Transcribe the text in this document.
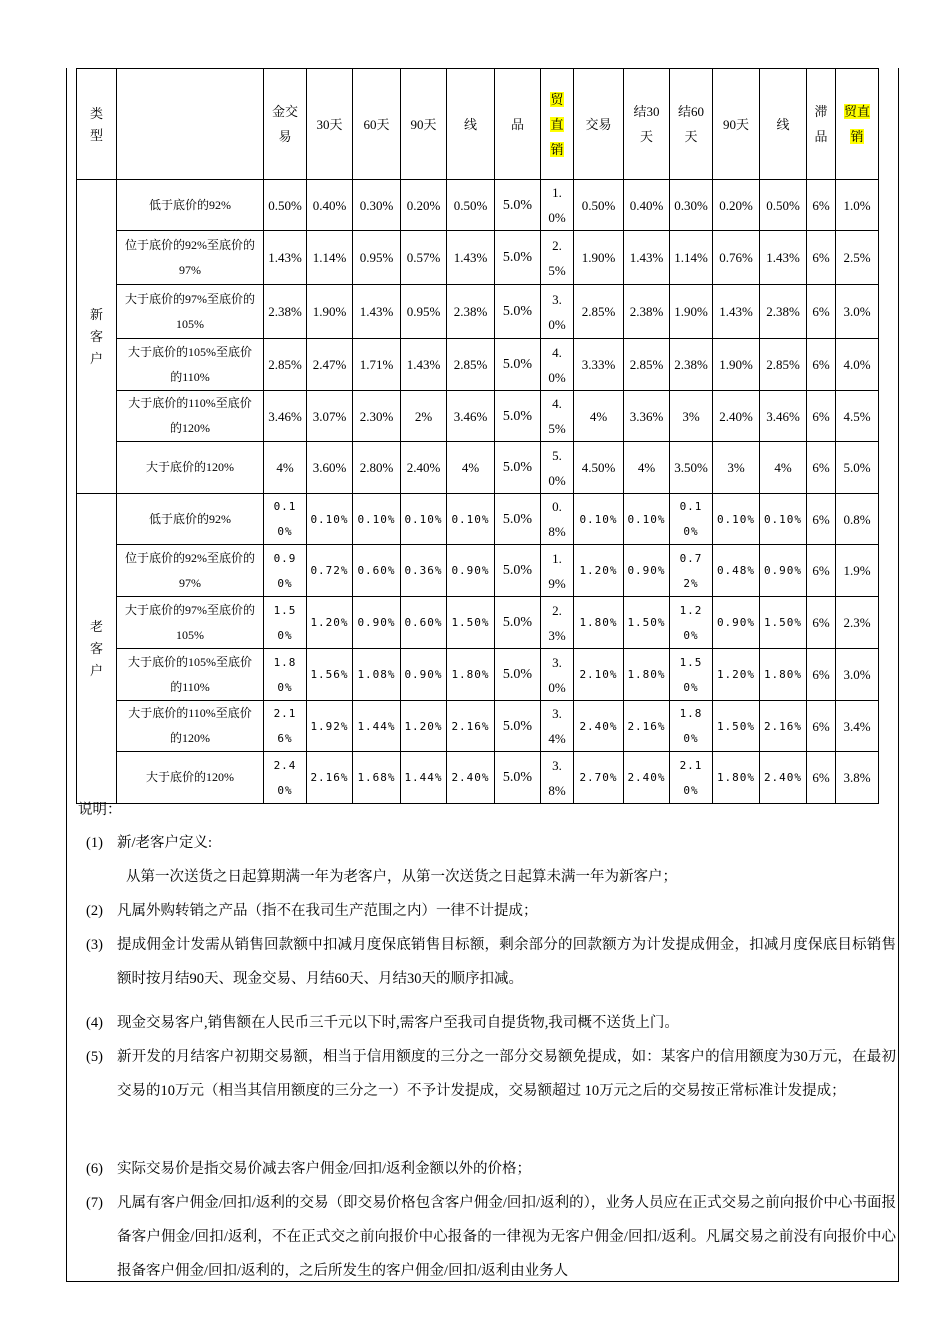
类型		金交易	30天	60天	90天	线	品	贸直销	交易	结30天	结60天	90天	线	滞品	贸直销

新客户	低于底价的92%	0.50%	0.40%	0.30%	0.20%	0.50%	5.0%	1.0%	0.50%	0.40%	0.30%	0.20%	0.50%	6%	1.0%
	位于底价的92%至底价的97%	1.43%	1.14%	0.95%	0.57%	1.43%	5.0%	2.5%	1.90%	1.43%	1.14%	0.76%	1.43%	6%	2.5%
	大于底价的97%至底价的105%	2.38%	1.90%	1.43%	0.95%	2.38%	5.0%	3.0%	2.85%	2.38%	1.90%	1.43%	2.38%	6%	3.0%
	大于底价的105%至底价的110%	2.85%	2.47%	1.71%	1.43%	2.85%	5.0%	4.0%	3.33%	2.85%	2.38%	1.90%	2.85%	6%	4.0%
	大于底价的110%至底价的120%	3.46%	3.07%	2.30%	2%	3.46%	5.0%	4.5%	4%	3.36%	3%	2.40%	3.46%	6%	4.5%
	大于底价的120%	4%	3.60%	2.80%	2.40%	4%	5.0%	5.0%	4.50%	4%	3.50%	3%	4%	6%	5.0%

老客户	低于底价的92%	0.10%	0.10%	0.10%	0.10%	0.10%	5.0%	0.8%	0.10%	0.10%	0.10%	0.10%	0.10%	6%	0.8%
	位于底价的92%至底价的97%	0.90%	0.72%	0.60%	0.36%	0.90%	5.0%	1.9%	1.20%	0.90%	0.72%	0.48%	0.90%	6%	1.9%
	大于底价的97%至底价的105%	1.50%	1.20%	0.90%	0.60%	1.50%	5.0%	2.3%	1.80%	1.50%	1.20%	0.90%	1.50%	6%	2.3%
	大于底价的105%至底价的110%	1.80%	1.56%	1.08%	0.90%	1.80%	5.0%	3.0%	2.10%	1.80%	1.50%	1.20%	1.80%	6%	3.0%
	大于底价的110%至底价的120%	2.16%	1.92%	1.44%	1.20%	2.16%	5.0%	3.4%	2.40%	2.16%	1.80%	1.50%	2.16%	6%	3.4%
	大于底价的120%	2.40%	2.16%	1.68%	1.44%	2.40%	5.0%	3.8%	2.70%	2.40%	2.10%	1.80%	2.40%	6%	3.8%
说明：
(1) 新/老客户定义:
从第一次送货之日起算期满一年为老客户，从第一次送货之日起算未满一年为新客户；
(2) 凡属外购转销之产品（指不在我司生产范围之内）一律不计提成；
(3) 提成佣金计发需从销售回款额中扣减月度保底销售目标额，剩余部分的回款额方为计发提成佣金，扣减月度保底目标销售额时按月结90天、现金交易、月结60天、月结30天的顺序扣减。
(4) 现金交易客户,销售额在人民币三千元以下时,需客户至我司自提货物,我司概不送货上门。
(5) 新开发的月结客户初期交易额，相当于信用额度的三分之一部分交易额免提成，如：某客户的信用额度为30万元，在最初交易的10万元（相当其信用额度的三分之一）不予计发提成，交易额超过 10万元之后的交易按正常标准计发提成；
(6) 实际交易价是指交易价减去客户佣金/回扣/返利金额以外的价格；
(7) 凡属有客户佣金/回扣/返利的交易（即交易价格包含客户佣金/回扣/返利的），业务人员应在正式交易之前向报价中心书面报备客户佣金/回扣/返利，不在正式交之前向报价中心报备的一律视为无客户佣金/回扣/返利。凡属交易之前没有向报价中心报备客户佣金/回扣/返利的，之后所发生的客户佣金/回扣/返利由业务人
